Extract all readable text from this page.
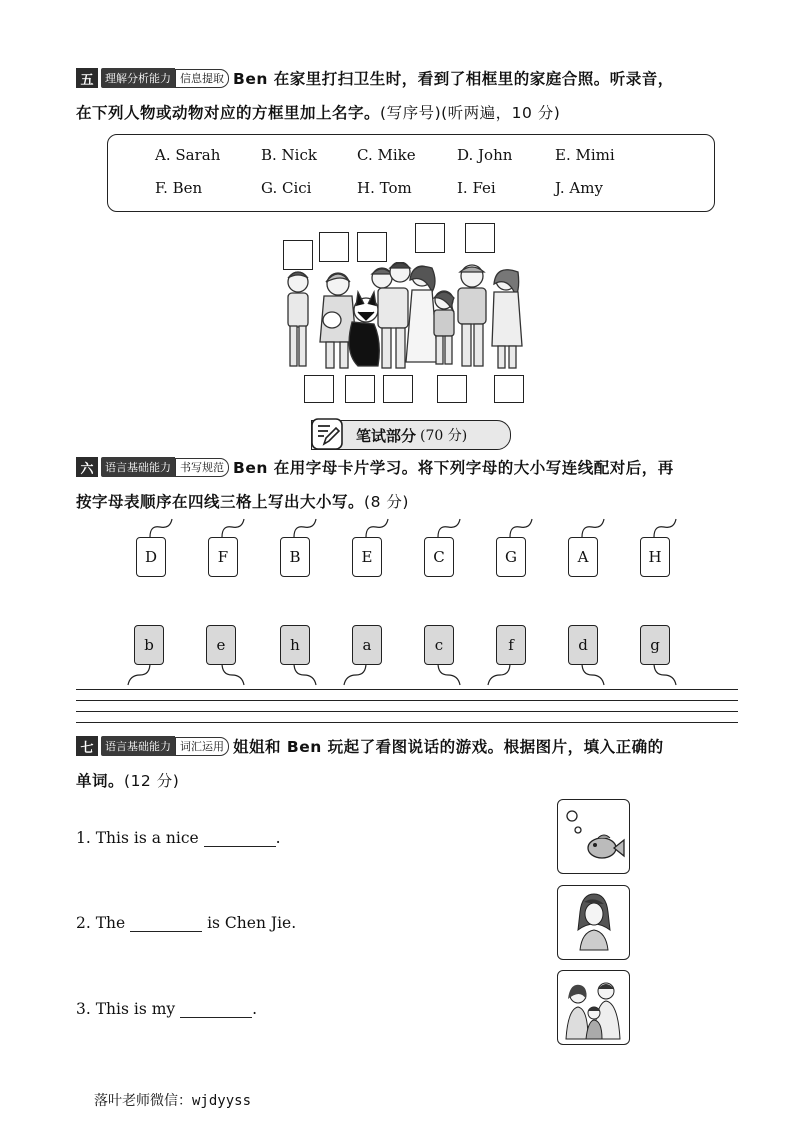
五	理解分析能力 信息提取 Ben 在家里打扫卫生时，看到了相框里的家庭合照。听录音，
在下列人物或动物对应的方框里加上名字。(写序号)(听两遍，10 分)
A. Sarah	B. Nick	C. Mike	D. John	E. Mimi
F. Ben	G. Cici	H. Tom	I. Fei	J. Amy
笔试部分 (70 分)
六	语言基础能力 书写规范 Ben 在用字母卡片学习。将下列字母的大小写连线配对后，再
按字母表顺序在四线三格上写出大小写。(8 分)
D	F	B	E	C	G	A	H
b	e	h	a	c	f	d	g
七	语言基础能力 词汇运用 姐姐和 Ben 玩起了看图说话的游戏。根据图片，填入正确的
单词。(12 分)
1. This is a nice	.
2. The	is Chen Jie.
3. This is my	.
落叶老师微信：wjdyyss
